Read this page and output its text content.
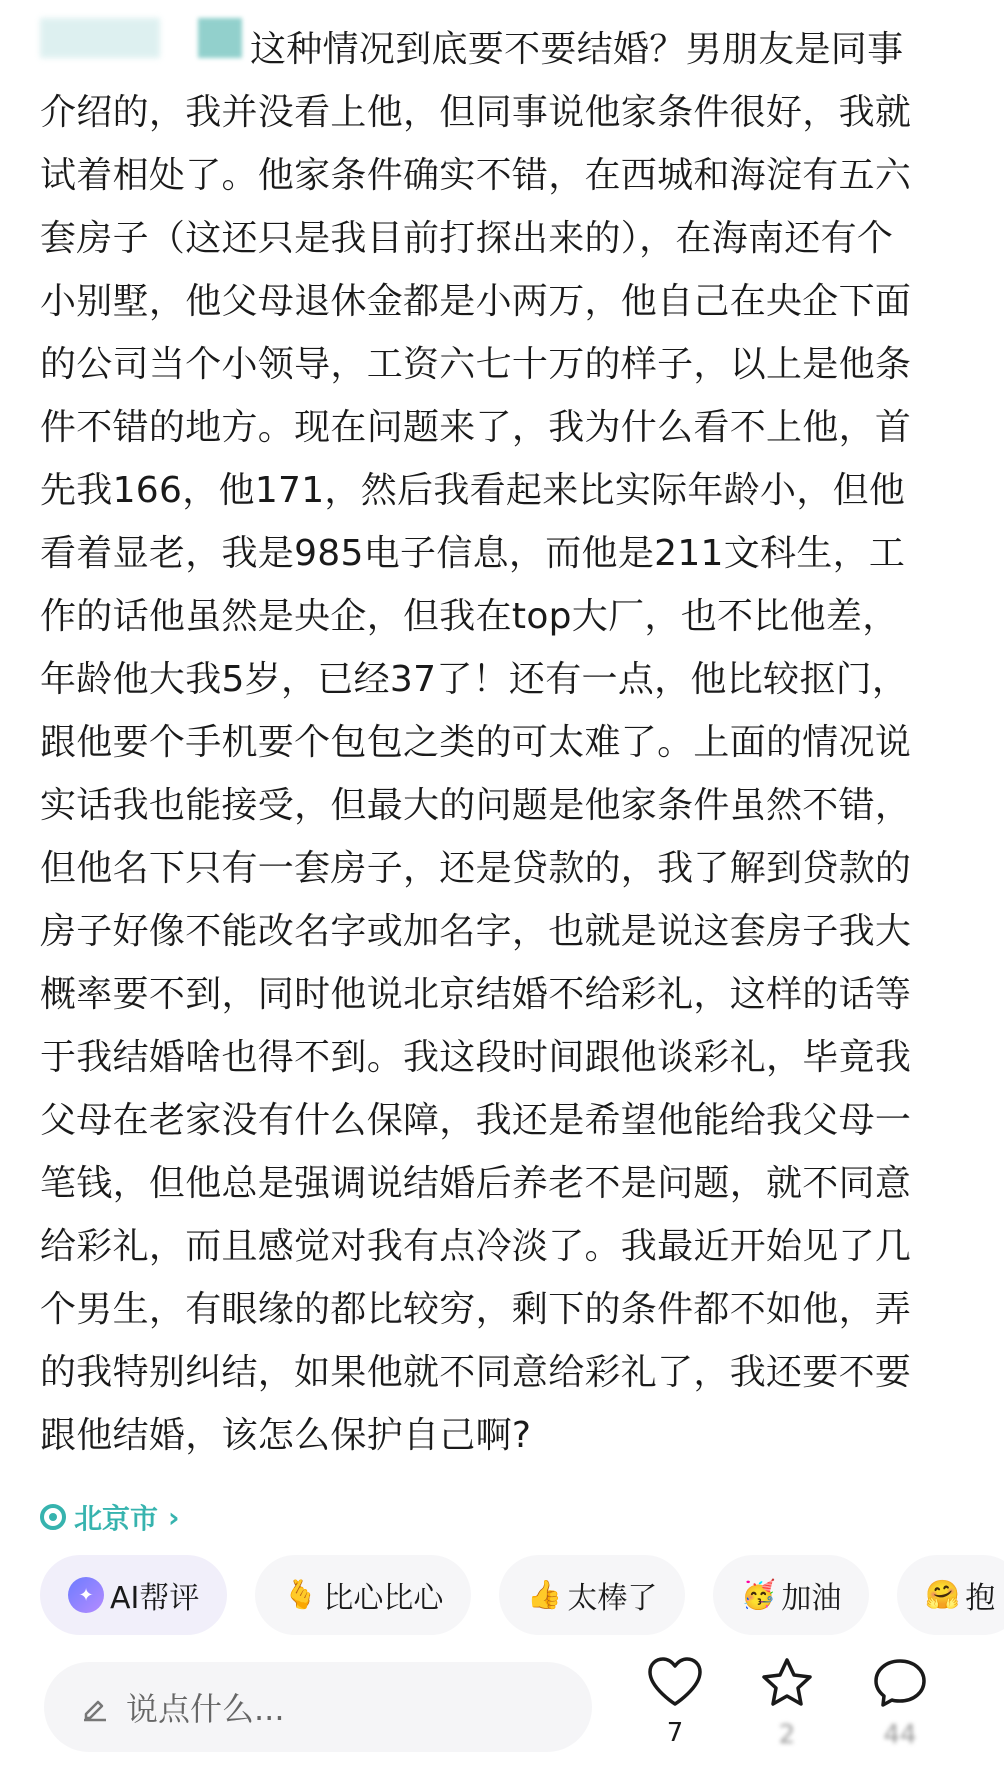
这种情况到底要不要结婚？男朋友是同事
介绍的，我并没看上他，但同事说他家条件很好，我就
试着相处了。他家条件确实不错，在西城和海淀有五六
套房子（这还只是我目前打探出来的），在海南还有个
小别墅，他父母退休金都是小两万，他自己在央企下面
的公司当个小领导，工资六七十万的样子，以上是他条
件不错的地方。现在问题来了，我为什么看不上他，首
先我166，他171，然后我看起来比实际年龄小，但他
看着显老，我是985电子信息，而他是211文科生，工
作的话他虽然是央企，但我在top大厂，也不比他差，
年龄他大我5岁，已经37了！还有一点，他比较抠门，
跟他要个手机要个包包之类的可太难了。上面的情况说
实话我也能接受，但最大的问题是他家条件虽然不错，
但他名下只有一套房子，还是贷款的，我了解到贷款的
房子好像不能改名字或加名字，也就是说这套房子我大
概率要不到，同时他说北京结婚不给彩礼，这样的话等
于我结婚啥也得不到。我这段时间跟他谈彩礼，毕竟我
父母在老家没有什么保障，我还是希望他能给我父母一
笔钱，但他总是强调说结婚后养老不是问题，就不同意
给彩礼，而且感觉对我有点冷淡了。我最近开始见了几
个男生，有眼缘的都比较穷，剩下的条件都不如他，弄
的我特别纠结，如果他就不同意给彩礼了，我还要不要
跟他结婚，该怎么保护自己啊?
北京市 ›
✦ AI帮评	🫰 比心比心	👍 太棒了	🥳 加油	🤗 抱
说点什么...
7	2	44
